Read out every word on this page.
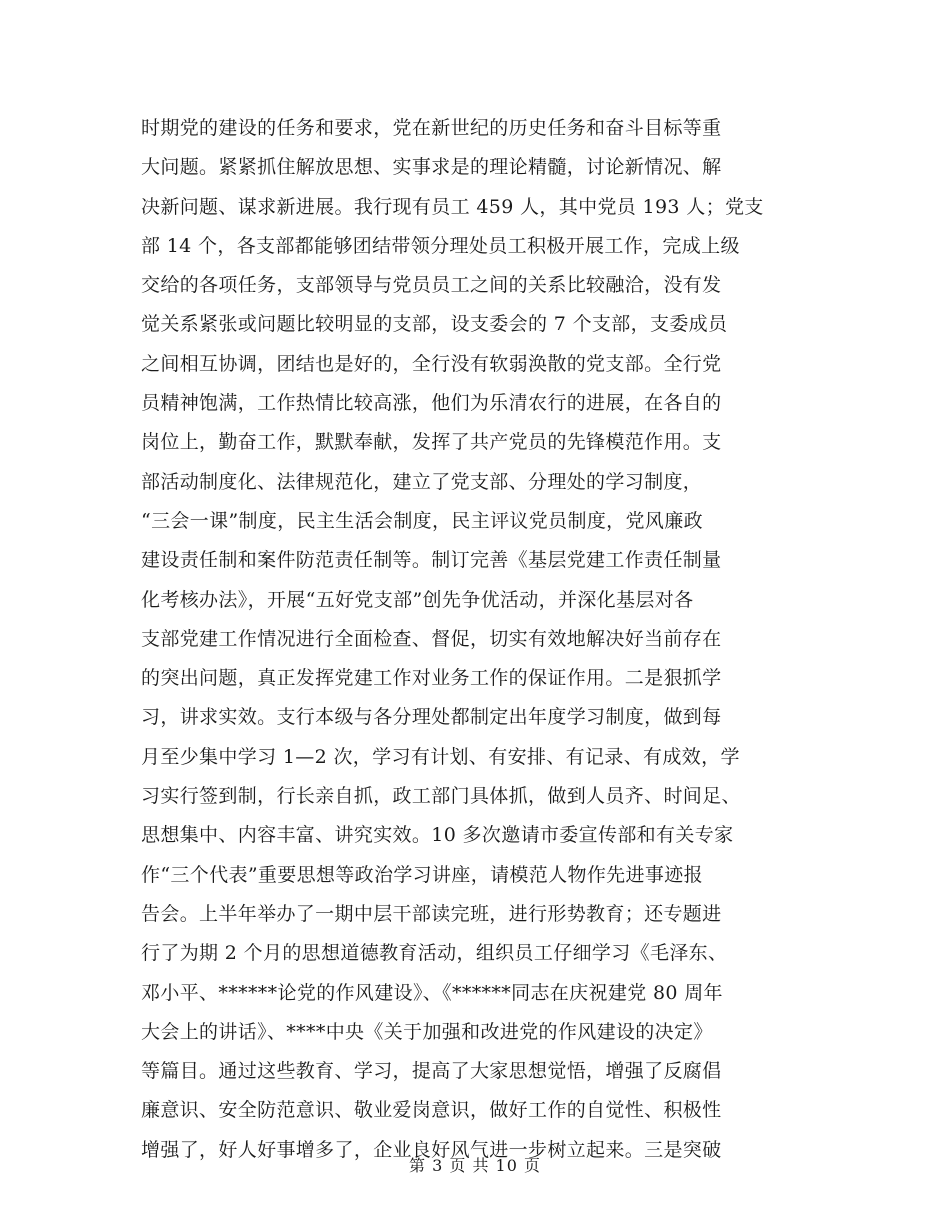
时期党的建设的任务和要求，党在新世纪的历史任务和奋斗目标等重
大问题。紧紧抓住解放思想、实事求是的理论精髓，讨论新情况、解
决新问题、谋求新进展。我行现有员工 459 人，其中党员 193 人；党支
部 14 个，各支部都能够团结带领分理处员工积极开展工作，完成上级
交给的各项任务，支部领导与党员员工之间的关系比较融洽，没有发
觉关系紧张或问题比较明显的支部，设支委会的 7 个支部，支委成员
之间相互协调，团结也是好的，全行没有软弱涣散的党支部。全行党
员精神饱满，工作热情比较高涨，他们为乐清农行的进展，在各自的
岗位上，勤奋工作，默默奉献，发挥了共产党员的先锋模范作用。支
部活动制度化、法律规范化，建立了党支部、分理处的学习制度，
“三会一课”制度，民主生活会制度，民主评议党员制度，党风廉政
建设责任制和案件防范责任制等。制订完善《基层党建工作责任制量
化考核办法》，开展“五好党支部”创先争优活动，并深化基层对各
支部党建工作情况进行全面检查、督促，切实有效地解决好当前存在
的突出问题，真正发挥党建工作对业务工作的保证作用。二是狠抓学
习，讲求实效。支行本级与各分理处都制定出年度学习制度，做到每
月至少集中学习 1—2 次，学习有计划、有安排、有记录、有成效，学
习实行签到制，行长亲自抓，政工部门具体抓，做到人员齐、时间足、
思想集中、内容丰富、讲究实效。10 多次邀请市委宣传部和有关专家
作“三个代表”重要思想等政治学习讲座，请模范人物作先进事迹报
告会。上半年举办了一期中层干部读完班，进行形势教育；还专题进
行了为期 2 个月的思想道德教育活动，组织员工仔细学习《毛泽东、
邓小平、******论党的作风建设》、《******同志在庆祝建党 80 周年
大会上的讲话》、****中央《关于加强和改进党的作风建设的决定》
等篇目。通过这些教育、学习，提高了大家思想觉悟，增强了反腐倡
廉意识、安全防范意识、敬业爱岗意识，做好工作的自觉性、积极性
增强了，好人好事增多了，企业良好风气进一步树立起来。三是突破
第 3 页 共 10 页
